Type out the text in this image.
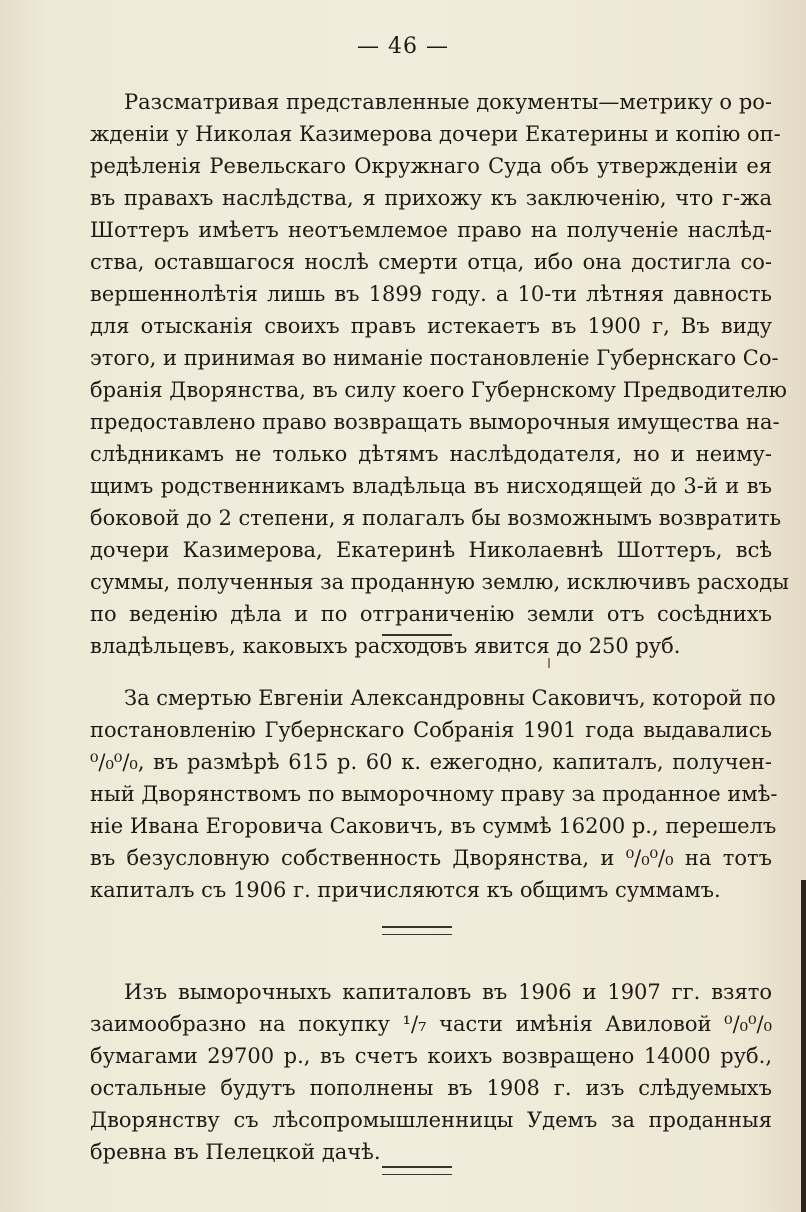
— 46 —
Разсматривая представленные документы—метрику о ро-
жденіи у Николая Казимерова дочери Екатерины и копію оп-
редѣленія Ревельскаго Окружнаго Суда объ утвержденіи ея
въ правахъ наслѣдства, я прихожу къ заключенію, что г-жа
Шоттеръ имѣетъ неотъемлемое право на полученіе наслѣд-
ства, оставшагося нослѣ смерти отца, ибо она достигла со-
вершеннолѣтія лишь въ 1899 году. а 10-ти лѣтняя давность
для отысканія своихъ правъ истекаетъ въ 1900 г, Въ виду
этого, и принимая во ниманіе постановленіе Губернскаго Со-
бранія Дворянства, въ силу коего Губернскому Предводителю
предоставлено право возвращать выморочныя имущества на-
слѣдникамъ не только дѣтямъ наслѣдодателя, но и неиму-
щимъ родственникамъ владѣльца въ нисходящей до 3-й и въ
боковой до 2 степени, я полагалъ бы возможнымъ возвратить
дочери Казимерова, Екатеринѣ Николаевнѣ Шоттеръ, всѣ
суммы, полученныя за проданную землю, исключивъ расходы
по веденію дѣла и по отграниченію земли отъ сосѣднихъ
владѣльцевъ, каковыхъ расходовъ явится до 250 руб.
За смертью Евгеніи Александровны Саковичъ, которой по
постановленію Губернскаго Собранія 1901 года выдавались
⁰/₀⁰/₀, въ размѣрѣ 615 р. 60 к. ежегодно, капиталъ, получен-
ный Дворянствомъ по выморочному праву за проданное имѣ-
ніе Ивана Егоровича Саковичъ, въ суммѣ 16200 р., перешелъ
въ безусловную собственность Дворянства, и ⁰/₀⁰/₀ на тотъ
капиталъ съ 1906 г. причисляются къ общимъ суммамъ.
Изъ выморочныхъ капиталовъ въ 1906 и 1907 гг. взято
заимообразно на покупку ¹/₇ части имѣнія Авиловой ⁰/₀⁰/₀
бумагами 29700 р., въ счетъ коихъ возвращено 14000 руб.,
остальные будутъ пополнены въ 1908 г. изъ слѣдуемыхъ
Дворянству съ лѣсопромышленницы Удемъ за проданныя
бревна въ Пелецкой дачѣ.
